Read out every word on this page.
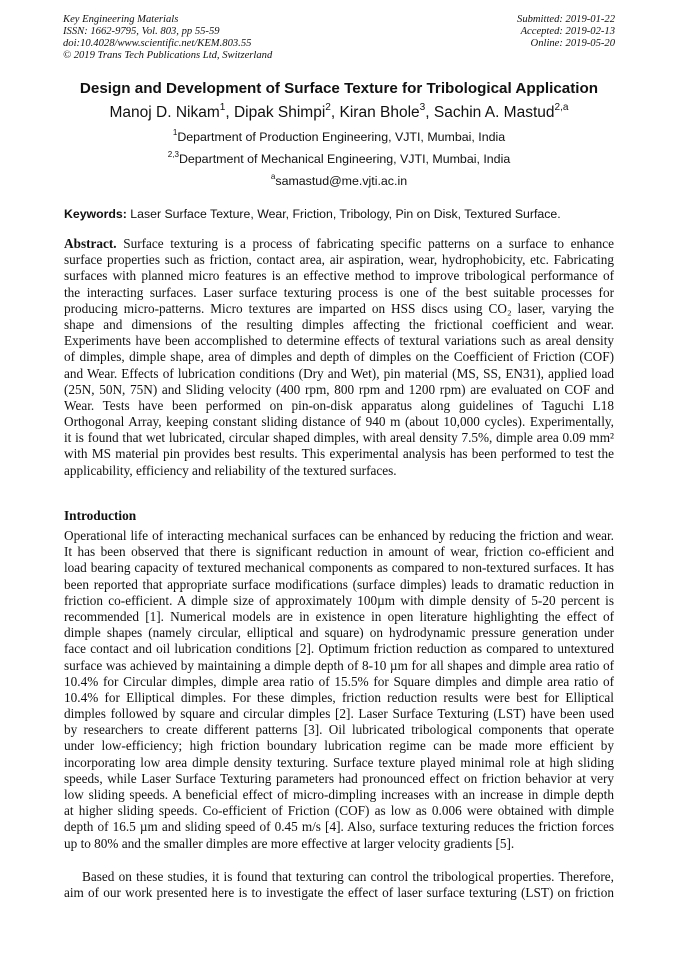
Key Engineering Materials
ISSN: 1662-9795, Vol. 803, pp 55-59
doi:10.4028/www.scientific.net/KEM.803.55
© 2019 Trans Tech Publications Ltd, Switzerland
Submitted: 2019-01-22
Accepted: 2019-02-13
Online: 2019-05-20
Design and Development of Surface Texture for Tribological Application
Manoj D. Nikam$^1$, Dipak Shimpi$^2$, Kiran Bhole$^3$, Sachin A. Mastud$^{2,a}$
$^1$Department of Production Engineering, VJTI, Mumbai, India
$^{2,3}$Department of Mechanical Engineering, VJTI, Mumbai, India
$^a$samastud@me.vjti.ac.in
Keywords: Laser Surface Texture, Wear, Friction, Tribology, Pin on Disk, Textured Surface.
Abstract. Surface texturing is a process of fabricating specific patterns on a surface to enhance
surface properties such as friction, contact area, air aspiration, wear, hydrophobicity, etc. Fabricating
surfaces with planned micro features is an effective method to improve tribological performance of
the interacting surfaces. Laser surface texturing process is one of the best suitable processes for
producing micro-patterns. Micro textures are imparted on HSS discs using CO₂ laser, varying the
shape and dimensions of the resulting dimples affecting the frictional coefficient and wear.
Experiments have been accomplished to determine effects of textural variations such as areal density
of dimples, dimple shape, area of dimples and depth of dimples on the Coefficient of Friction (COF)
and Wear. Effects of lubrication conditions (Dry and Wet), pin material (MS, SS, EN31), applied load
(25N, 50N, 75N) and Sliding velocity (400 rpm, 800 rpm and 1200 rpm) are evaluated on COF and
Wear. Tests have been performed on pin-on-disk apparatus along guidelines of Taguchi L18
Orthogonal Array, keeping constant sliding distance of 940 m (about 10,000 cycles). Experimentally,
it is found that wet lubricated, circular shaped dimples, with areal density 7.5%, dimple area 0.09 mm²
with MS material pin provides best results. This experimental analysis has been performed to test the
applicability, efficiency and reliability of the textured surfaces.
Introduction
Operational life of interacting mechanical surfaces can be enhanced by reducing the friction and wear.
It has been observed that there is significant reduction in amount of wear, friction co-efficient and
load bearing capacity of textured mechanical components as compared to non-textured surfaces. It has
been reported that appropriate surface modifications (surface dimples) leads to dramatic reduction in
friction co-efficient. A dimple size of approximately 100µm with dimple density of 5-20 percent is
recommended [1]. Numerical models are in existence in open literature highlighting the effect of
dimple shapes (namely circular, elliptical and square) on hydrodynamic pressure generation under
face contact and oil lubrication conditions [2]. Optimum friction reduction as compared to untextured
surface was achieved by maintaining a dimple depth of 8-10 µm for all shapes and dimple area ratio of
10.4% for Circular dimples, dimple area ratio of 15.5% for Square dimples and dimple area ratio of
10.4% for Elliptical dimples. For these dimples, friction reduction results were best for Elliptical
dimples followed by square and circular dimples [2]. Laser Surface Texturing (LST) have been used
by researchers to create different patterns [3]. Oil lubricated tribological components that operate
under low-efficiency; high friction boundary lubrication regime can be made more efficient by
incorporating low area dimple density texturing. Surface texture played minimal role at high sliding
speeds, while Laser Surface Texturing parameters had pronounced effect on friction behavior at very
low sliding speeds. A beneficial effect of micro-dimpling increases with an increase in dimple depth
at higher sliding speeds. Co-efficient of Friction (COF) as low as 0.006 were obtained with dimple
depth of 16.5 µm and sliding speed of 0.45 m/s [4]. Also, surface texturing reduces the friction forces
up to 80% and the smaller dimples are more effective at larger velocity gradients [5].
Based on these studies, it is found that texturing can control the tribological properties. Therefore,
aim of our work presented here is to investigate the effect of laser surface texturing (LST) on friction
